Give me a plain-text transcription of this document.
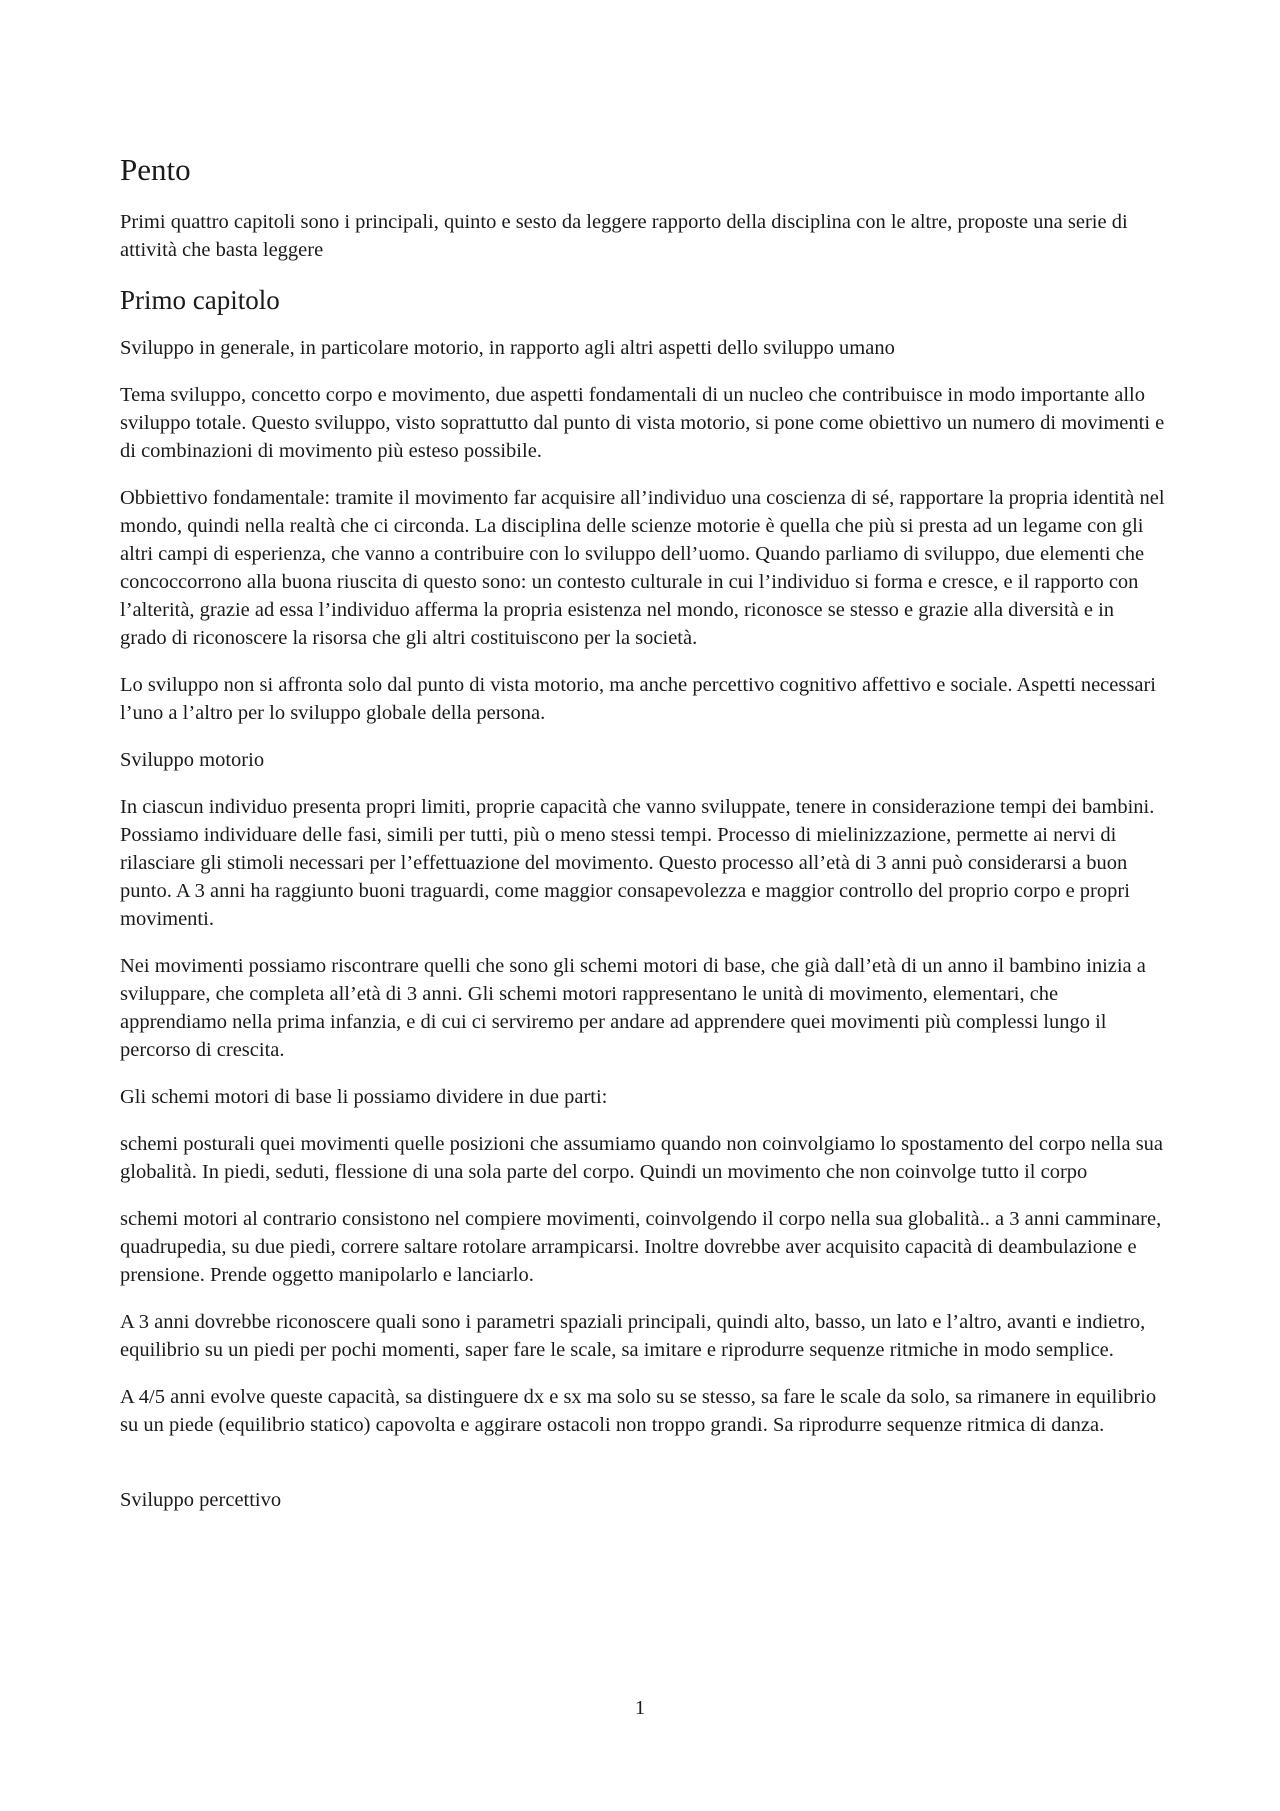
Pento

Primi quattro capitoli sono i principali, quinto e sesto da leggere rapporto della disciplina con le altre, proposte una serie di attività che basta leggere

Primo capitolo

Sviluppo in generale, in particolare motorio, in rapporto agli altri aspetti dello sviluppo umano

Tema sviluppo, concetto corpo e movimento, due aspetti fondamentali di un nucleo che contribuisce in modo importante allo sviluppo totale. Questo sviluppo, visto soprattutto dal punto di vista motorio, si pone come obiettivo un numero di movimenti e di combinazioni di movimento più esteso possibile.

Obbiettivo fondamentale: tramite il movimento far acquisire all’individuo una coscienza di sé, rapportare la propria identità nel mondo, quindi nella realtà che ci circonda. La disciplina delle scienze motorie è quella che più si presta ad un legame con gli altri campi di esperienza, che vanno a contribuire con lo sviluppo dell’uomo. Quando parliamo di sviluppo, due elementi che concoccorrono alla buona riuscita di questo sono: un contesto culturale in cui l’individuo si forma e cresce, e il rapporto con l’alterità, grazie ad essa l’individuo afferma la propria esistenza nel mondo, riconosce se stesso e grazie alla diversità e in grado di riconoscere la risorsa che gli altri costituiscono per la società.

Lo sviluppo non si affronta solo dal punto di vista motorio, ma anche percettivo cognitivo affettivo e sociale. Aspetti necessari l’uno a l’altro per lo sviluppo globale della persona.

Sviluppo motorio

In ciascun individuo presenta propri limiti, proprie capacità che vanno sviluppate, tenere in considerazione tempi dei bambini. Possiamo individuare delle fasi, simili per tutti, più o meno stessi tempi. Processo di mielinizzazione, permette ai nervi di rilasciare gli stimoli necessari per l’effettuazione del movimento. Questo processo all’età di 3 anni può considerarsi a buon punto. A 3 anni ha raggiunto buoni traguardi, come maggior consapevolezza e maggior controllo del proprio corpo e propri movimenti.

Nei movimenti possiamo riscontrare quelli che sono gli schemi motori di base, che già dall’età di un anno il bambino inizia a sviluppare, che completa all’età di 3 anni. Gli schemi motori rappresentano le unità di movimento, elementari, che apprendiamo nella prima infanzia, e di cui ci serviremo per andare ad apprendere quei movimenti più complessi lungo il percorso di crescita.

Gli schemi motori di base li possiamo dividere in due parti:

schemi posturali quei movimenti quelle posizioni che assumiamo quando non coinvolgiamo lo spostamento del corpo nella sua globalità. In piedi, seduti, flessione di una sola parte del corpo. Quindi un movimento che non coinvolge tutto il corpo

schemi motori al contrario consistono nel compiere movimenti, coinvolgendo il corpo nella sua globalità.. a 3 anni camminare, quadrupedia, su due piedi, correre saltare rotolare arrampicarsi. Inoltre dovrebbe aver acquisito capacità di deambulazione e prensione. Prende oggetto manipolarlo e lanciarlo.

A 3 anni dovrebbe riconoscere quali sono i parametri spaziali principali, quindi alto, basso, un lato e l’altro, avanti e indietro, equilibrio su un piedi per pochi momenti, saper fare le scale, sa imitare e riprodurre sequenze ritmiche in modo semplice.

A 4/5 anni evolve queste capacità, sa distinguere dx e sx ma solo su se stesso, sa fare le scale da solo, sa rimanere in equilibrio su un piede (equilibrio statico) capovolta e aggirare ostacoli non troppo grandi. Sa riprodurre sequenze ritmica di danza.

Sviluppo percettivo

1
